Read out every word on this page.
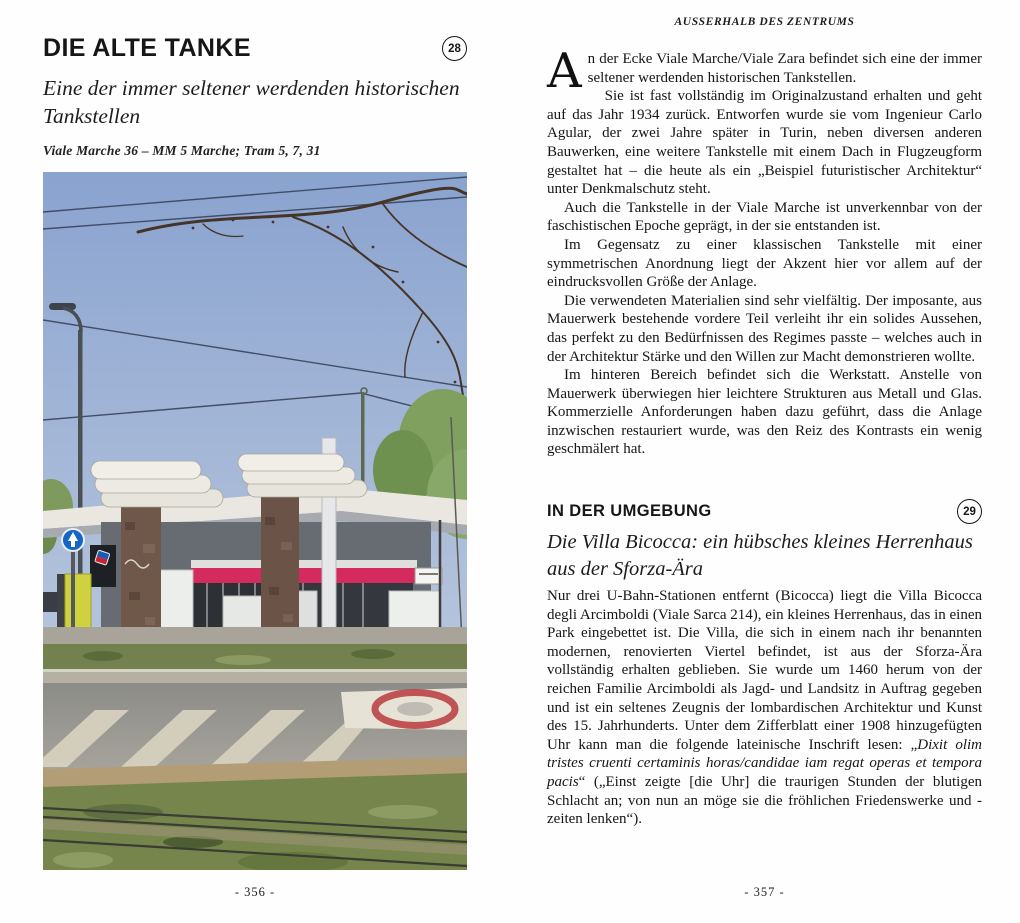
DIE ALTE TANKE	28
Eine der immer seltener werdenden historischen Tankstellen
Viale Marche 36 – MM 5 Marche; Tram 5, 7, 31
- 356 -
AUSSERHALB DES ZENTRUMS

An der Ecke Viale Marche/Viale Zara befindet sich eine der immer seltener werdenden historischen Tankstellen.

Sie ist fast vollständig im Originalzustand erhalten und geht auf das Jahr 1934 zurück. Entworfen wurde sie vom Ingenieur Carlo Agular, der zwei Jahre später in Turin, neben diversen anderen Bauwerken, eine weitere Tankstelle mit einem Dach in Flugzeugform gestaltet hat – die heute als ein „Beispiel futuristischer Architektur“ unter Denkmalschutz steht.

Auch die Tankstelle in der Viale Marche ist unverkennbar von der faschistischen Epoche geprägt, in der sie entstanden ist.

Im Gegensatz zu einer klassischen Tankstelle mit einer symmetrischen Anordnung liegt der Akzent hier vor allem auf der eindrucksvollen Größe der Anlage.

Die verwendeten Materialien sind sehr vielfältig. Der imposante, aus Mauerwerk bestehende vordere Teil verleiht ihr ein solides Aussehen, das perfekt zu den Bedürfnissen des Regimes passte – welches auch in der Architektur Stärke und den Willen zur Macht demonstrieren wollte.

Im hinteren Bereich befindet sich die Werkstatt. Anstelle von Mauerwerk überwiegen hier leichtere Strukturen aus Metall und Glas. Kommerzielle Anforderungen haben dazu geführt, dass die Anlage inzwischen restauriert wurde, was den Reiz des Kontrasts ein wenig geschmälert hat.

IN DER UMGEBUNG	29
Die Villa Bicocca: ein hübsches kleines Herrenhaus aus der Sforza-Ära
Nur drei U-Bahn-Stationen entfernt (Bicocca) liegt die Villa Bicocca degli Arcimboldi (Viale Sarca 214), ein kleines Herrenhaus, das in einen Park eingebettet ist. Die Villa, die sich in einem nach ihr benannten modernen, renovierten Viertel befindet, ist aus der Sforza-Ära vollständig erhalten geblieben. Sie wurde um 1460 herum von der reichen Familie Arcimboldi als Jagd- und Landsitz in Auftrag gegeben und ist ein seltenes Zeugnis der lombardischen Architektur und Kunst des 15. Jahrhunderts. Unter dem Zifferblatt einer 1908 hinzugefügten Uhr kann man die folgende lateinische Inschrift lesen: „Dixit olim tristes cruenti certaminis horas/candidae iam regat operas et tempora pacis“ („Einst zeigte [die Uhr] die traurigen Stunden der blutigen Schlacht an; von nun an möge sie die fröhlichen Friedenswerke und -zeiten lenken“).
- 357 -
